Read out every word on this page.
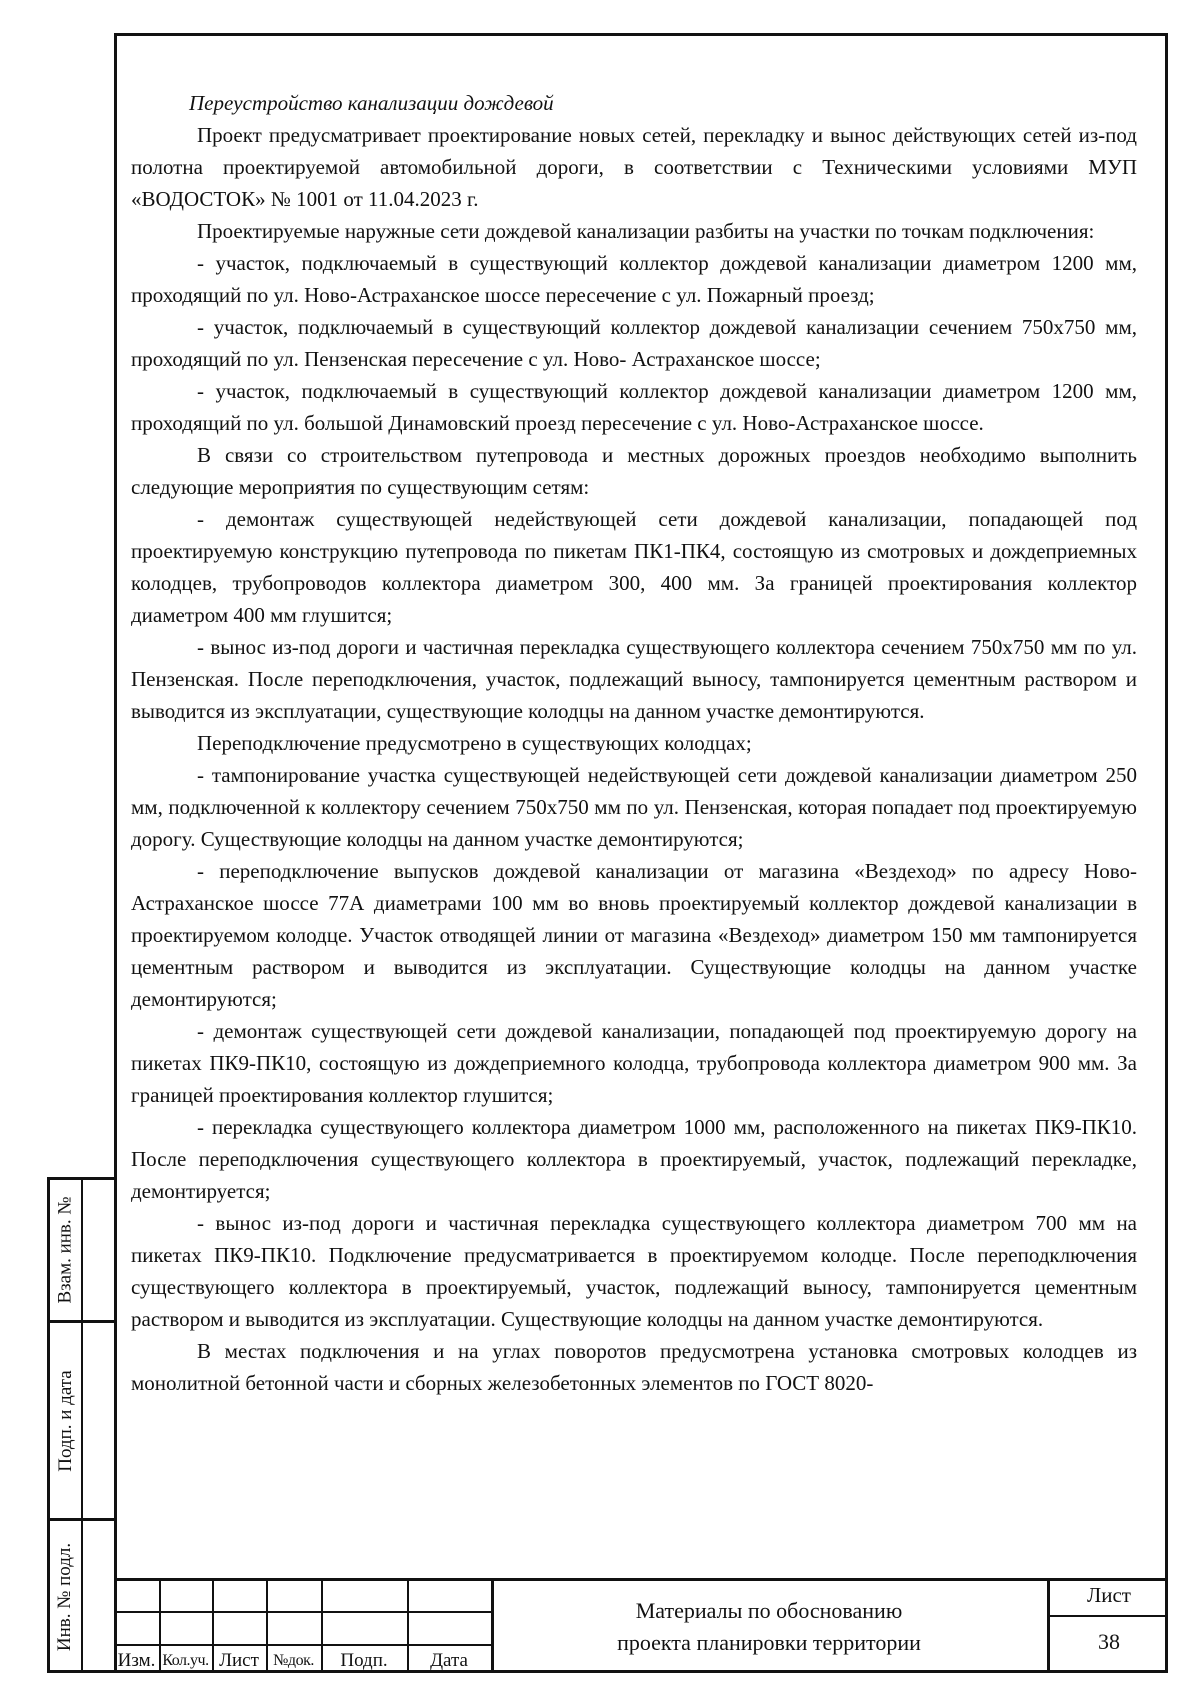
Переустройство канализации дождевой

Проект предусматривает проектирование новых сетей, перекладку и вынос действующих сетей из-под полотна проектируемой автомобильной дороги, в соответствии с Техническими условиями МУП «ВОДОСТОК» № 1001 от 11.04.2023 г.

Проектируемые наружные сети дождевой канализации разбиты на участки по точкам подключения:

- участок, подключаемый в существующий коллектор дождевой канализации диаметром 1200 мм, проходящий по ул. Ново-Астраханское шоссе пересечение с ул. Пожарный проезд;

- участок, подключаемый в существующий коллектор дождевой канализации сечением 750х750 мм, проходящий по ул. Пензенская пересечение с ул. Ново- Астраханское шоссе;

- участок, подключаемый в существующий коллектор дождевой канализации диаметром 1200 мм, проходящий по ул. большой Динамовский проезд пересечение с ул. Ново-Астраханское шоссе.

В связи со строительством путепровода и местных дорожных проездов необходимо выполнить следующие мероприятия по существующим сетям:

- демонтаж существующей недействующей сети дождевой канализации, попадающей под проектируемую конструкцию путепровода по пикетам ПК1-ПК4, состоящую из смотровых и дождеприемных колодцев, трубопроводов коллектора диаметром 300, 400 мм. За границей проектирования коллектор диаметром 400 мм глушится;

- вынос из-под дороги и частичная перекладка существующего коллектора сечением 750х750 мм по ул. Пензенская. После переподключения, участок, подлежащий выносу, тампонируется цементным раствором и выводится из эксплуатации, существующие колодцы на данном участке демонтируются.

Переподключение предусмотрено в существующих колодцах;

- тампонирование участка существующей недействующей сети дождевой канализации диаметром 250 мм, подключенной к коллектору сечением 750х750 мм по ул. Пензенская, которая попадает под проектируемую дорогу. Существующие колодцы на данном участке демонтируются;

- переподключение выпусков дождевой канализации от магазина «Вездеход» по адресу Ново-Астраханское шоссе 77А диаметрами 100 мм во вновь проектируемый коллектор дождевой канализации в проектируемом колодце. Участок отводящей линии от магазина «Вездеход» диаметром 150 мм тампонируется цементным раствором и выводится из эксплуатации. Существующие колодцы на данном участке демонтируются;

- демонтаж существующей сети дождевой канализации, попадающей под проектируемую дорогу на пикетах ПК9-ПК10, состоящую из дождеприемного колодца, трубопровода коллектора диаметром 900 мм. За границей проектирования коллектор глушится;

- перекладка существующего коллектора диаметром 1000 мм, расположенного на пикетах ПК9-ПК10. После переподключения существующего коллектора в проектируемый, участок, подлежащий перекладке, демонтируется;

- вынос из-под дороги и частичная перекладка существующего коллектора диаметром 700 мм на пикетах ПК9-ПК10. Подключение предусматривается в проектируемом колодце. После переподключения существующего коллектора в проектируемый, участок, подлежащий выносу, тампонируется цементным раствором и выводится из эксплуатации. Существующие колодцы на данном участке демонтируются.

В местах подключения и на углах поворотов предусмотрена установка смотровых колодцев из монолитной бетонной части и сборных железобетонных элементов по ГОСТ 8020-

Взам. инв. №
Подп. и дата
Инв. № подл.
Изм. Кол.уч. Лист №док.	Подп.	Дата
Материалы по обоснованию
проекта планировки территории
Лист
38
